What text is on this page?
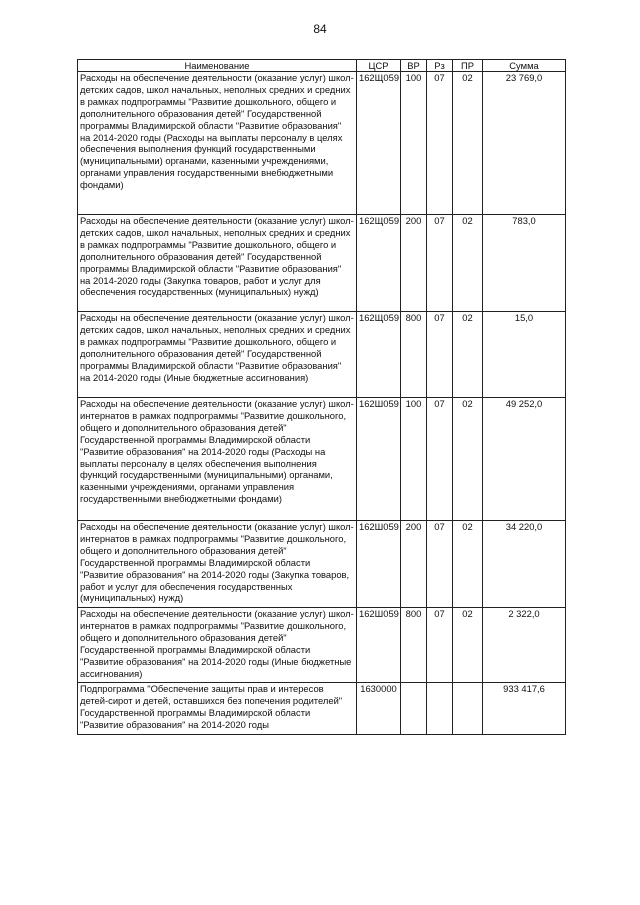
84
Наименование	ЦСР	ВР	Рз	ПР	Сумма
Расходы на обеспечение деятельности (оказание услуг) школ-детских садов, школ начальных, неполных средних и средних в рамках подпрограммы "Развитие дошкольного, общего и дополнительного образования детей" Государственной программы Владимирской области "Развитие образования" на 2014-2020 годы (Расходы на выплаты персоналу в целях обеспечения выполнения функций государственными (муниципальными) органами, казенными учреждениями, органами управления государственными внебюджетными фондами)	162Щ059	100	07	02	23 769,0
Расходы на обеспечение деятельности (оказание услуг) школ-детских садов, школ начальных, неполных средних и средних в рамках подпрограммы "Развитие дошкольного, общего и дополнительного образования детей" Государственной программы Владимирской области "Развитие образования" на 2014-2020 годы (Закупка товаров, работ и услуг для обеспечения государственных (муниципальных) нужд)	162Щ059	200	07	02	783,0
Расходы на обеспечение деятельности (оказание услуг) школ-детских садов, школ начальных, неполных средних и средних в рамках подпрограммы "Развитие дошкольного, общего и дополнительного образования детей" Государственной программы Владимирской области "Развитие образования" на 2014-2020 годы (Иные бюджетные ассигнования)	162Щ059	800	07	02	15,0
Расходы на обеспечение деятельности (оказание услуг) школ-интернатов в рамках подпрограммы "Развитие дошкольного, общего и дополнительного образования детей" Государственной программы Владимирской области "Развитие образования" на 2014-2020 годы (Расходы на выплаты персоналу в целях обеспечения выполнения функций государственными (муниципальными) органами, казенными учреждениями, органами управления государственными внебюджетными фондами)	162Ш059	100	07	02	49 252,0
Расходы на обеспечение деятельности (оказание услуг) школ-интернатов в рамках подпрограммы "Развитие дошкольного, общего и дополнительного образования детей" Государственной программы Владимирской области "Развитие образования" на 2014-2020 годы (Закупка товаров, работ и услуг для обеспечения государственных (муниципальных) нужд)	162Ш059	200	07	02	34 220,0
Расходы на обеспечение деятельности (оказание услуг) школ-интернатов в рамках подпрограммы "Развитие дошкольного, общего и дополнительного образования детей" Государственной программы Владимирской области "Развитие образования" на 2014-2020 годы (Иные бюджетные ассигнования)	162Ш059	800	07	02	2 322,0
Подпрограмма "Обеспечение защиты прав и интересов детей-сирот и детей, оставшихся без попечения родителей" Государственной программы Владимирской области "Развитие образования" на 2014-2020 годы	1630000				933 417,6
